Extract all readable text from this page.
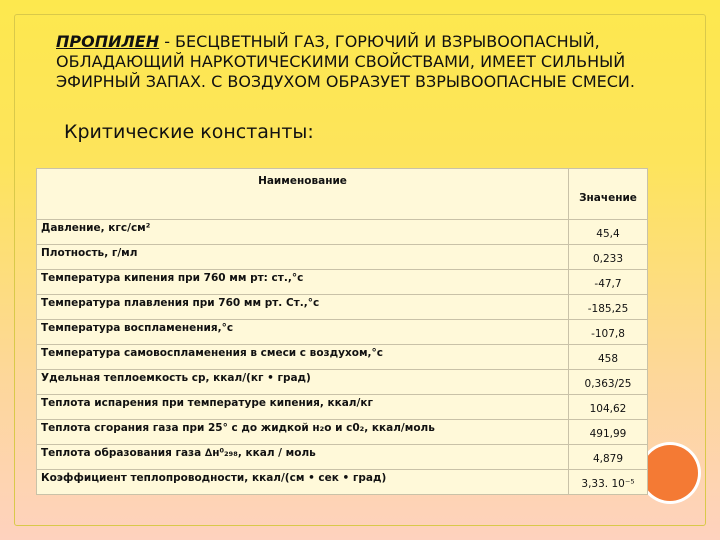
ПРОПИЛЕН - БЕСЦВЕТНЫЙ ГАЗ, ГОРЮЧИЙ И ВЗРЫВООПАСНЫЙ, ОБЛАДАЮЩИЙ НАРКОТИЧЕСКИМИ СВОЙСТВАМИ, ИМЕЕТ СИЛЬНЫЙ ЭФИРНЫЙ ЗАПАХ. С ВОЗДУХОМ ОБРАЗУЕТ ВЗРЫВООПАСНЫЕ СМЕСИ.
Критические константы:
Наименование	Значение
Давление, кгс/см²	45,4
Плотность, г/мл	0,233
Температура кипения при 760 мм рт: ст.,°с	-47,7
Температура плавления при 760 мм рт. Ст.,°с	-185,25
Температура воспламенения,°с	-107,8
Температура самовоспламенения в смеси с воздухом,°с	458
Удельная теплоемкость ср, ккал/(кг • град)	0,363/25
Теплота испарения при температуре кипения, ккал/кг	104,62
Теплота сгорания газа при 25° с до жидкой н₂о и с0₂, ккал/моль	491,99
Теплота образования газа ∆н⁰₂₉₈, ккал / моль	4,879
Коэффициент теплопроводности, ккал/(см • сек • град)	3,33. 10⁻⁵
